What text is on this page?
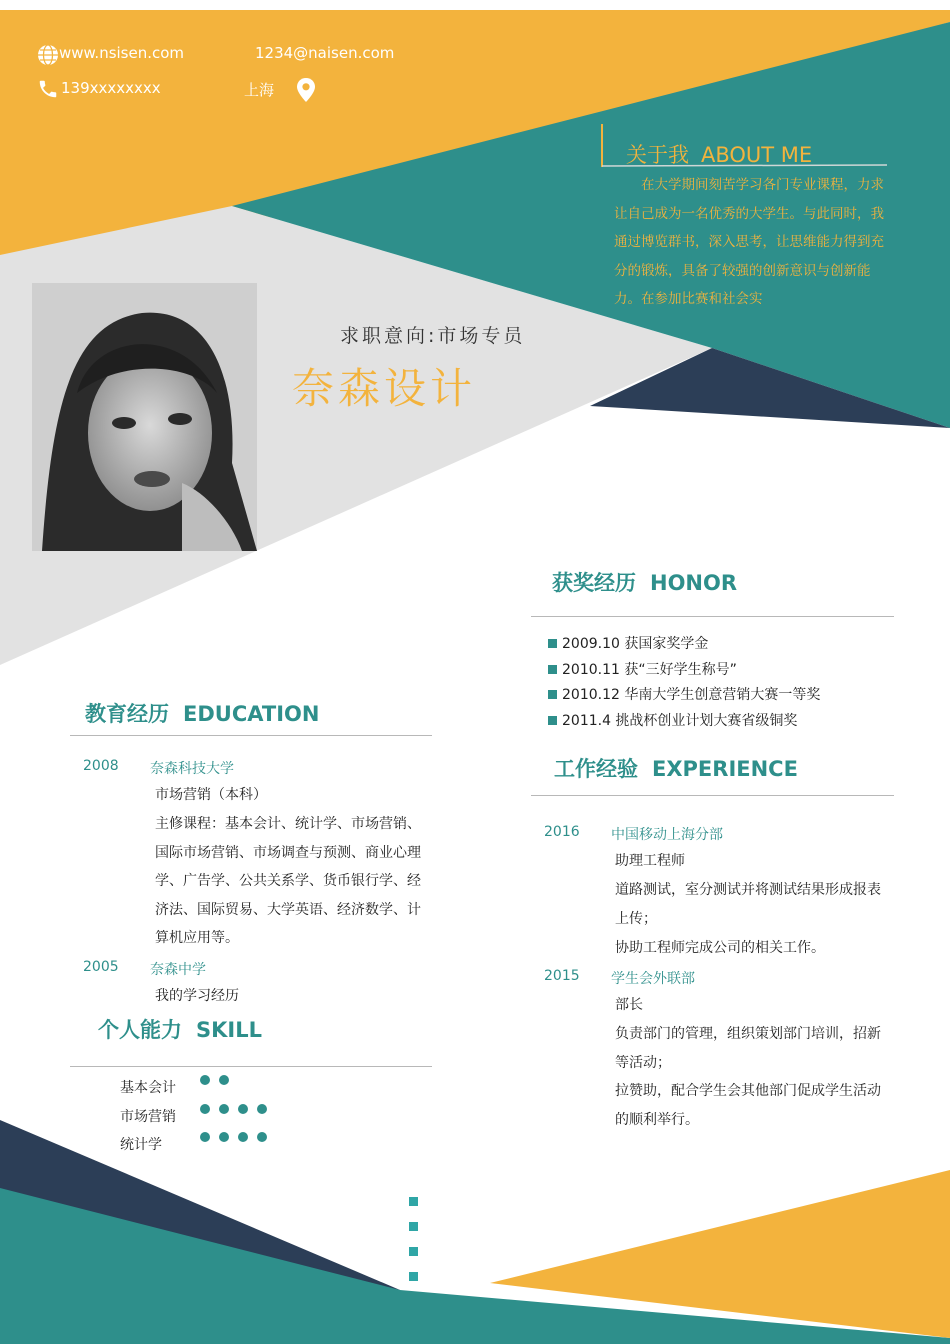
www.nsisen.com	1234@naisen.com
139xxxxxxxx	上海
关于我 ABOUT ME
在大学期间刻苦学习各门专业课程，力求让自己成为一名优秀的大学生。与此同时，我通过博览群书，深入思考，让思维能力得到充分的锻炼，具备了较强的创新意识与创新能力。在参加比赛和社会实
求职意向:市场专员
奈森设计
获奖经历 HONOR
2009.10 获国家奖学金
2010.11 获“三好学生称号”
2010.12 华南大学生创意营销大赛一等奖
2011.4 挑战杯创业计划大赛省级铜奖
教育经历 EDUCATION
2008 奈森科技大学
市场营销（本科）
主修课程：基本会计、统计学、市场营销、国际市场营销、市场调查与预测、商业心理学、广告学、公共关系学、货币银行学、经济法、国际贸易、大学英语、经济数学、计算机应用等。
2005 奈森中学
我的学习经历
工作经验 EXPERIENCE
2016 中国移动上海分部
助理工程师
道路测试，室分测试并将测试结果形成报表上传；
协助工程师完成公司的相关工作。
2015 学生会外联部
部长
负责部门的管理，组织策划部门培训，招新等活动；
拉赞助，配合学生会其他部门促成学生活动的顺利举行。
个人能力 SKILL
基本会计
市场营销
统计学
